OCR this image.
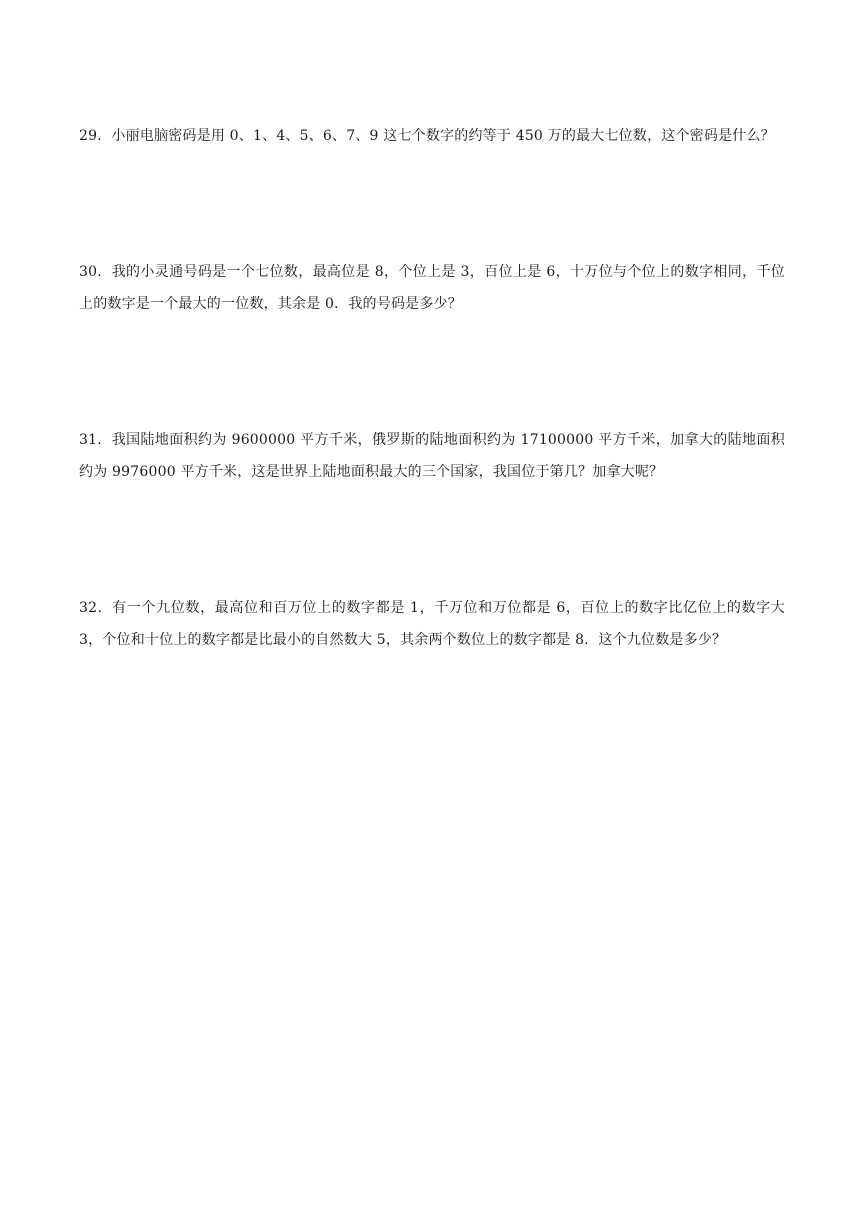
29．小丽电脑密码是用 0、1、4、5、6、7、9 这七个数字的约等于 450 万的最大七位数，这个密码是什么？

30．我的小灵通号码是一个七位数，最高位是 8，个位上是 3，百位上是 6，十万位与个位上的数字相同，千位上的数字是一个最大的一位数，其余是 0．我的号码是多少？

31．我国陆地面积约为 9600000 平方千米，俄罗斯的陆地面积约为 17100000 平方千米，加拿大的陆地面积约为 9976000 平方千米，这是世界上陆地面积最大的三个国家，我国位于第几？加拿大呢？

32．有一个九位数，最高位和百万位上的数字都是 1，千万位和万位都是 6，百位上的数字比亿位上的数字大 3，个位和十位上的数字都是比最小的自然数大 5，其余两个数位上的数字都是 8．这个九位数是多少？
